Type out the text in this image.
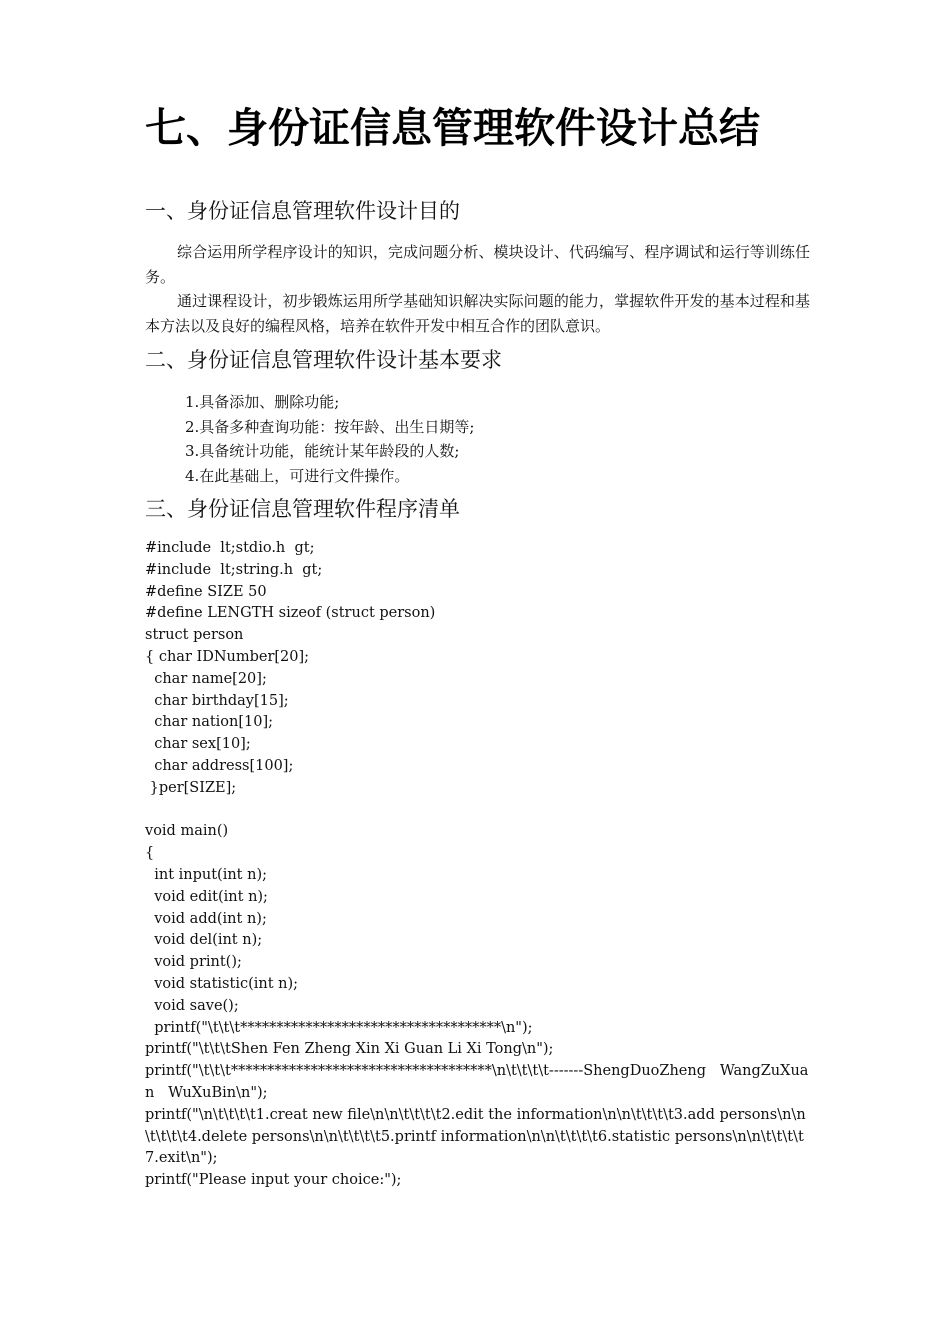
七、身份证信息管理软件设计总结
一、身份证信息管理软件设计目的

综合运用所学程序设计的知识，完成问题分析、模块设计、代码编写、程序调试和运行等训练任务。

通过课程设计，初步锻炼运用所学基础知识解决实际问题的能力，掌握软件开发的基本过程和基本方法以及良好的编程风格，培养在软件开发中相互合作的团队意识。

二、身份证信息管理软件设计基本要求
1.具备添加、删除功能;
2.具备多种查询功能：按年龄、出生日期等;
3.具备统计功能，能统计某年龄段的人数;
4.在此基础上，可进行文件操作。
三、身份证信息管理软件程序清单
#include  lt;stdio.h  gt;
#include  lt;string.h  gt;
#define SIZE 50
#define LENGTH sizeof (struct person)
struct person
{ char IDNumber[20];
char name[20];
char birthday[15];
char nation[10];
char sex[10];
char address[100];
}per[SIZE];
void main()
{
int input(int n);
void edit(int n);
void add(int n);
void del(int n);
void print();
void statistic(int n);
void save();
printf("\t\t\t************************************\n");
printf("\t\t\tShen Fen Zheng Xin Xi Guan Li Xi Tong\n");
printf("\t\t\t************************************\n\t\t\t\t-------ShengDuoZheng   WangZuXuan   WuXuBin\n");
printf("\n\t\t\t\t1.creat new file\n\n\t\t\t\t2.edit the information\n\n\t\t\t\t3.add persons\n\n\t\t\t\t4.delete persons\n\n\t\t\t\t5.printf information\n\n\t\t\t\t6.statistic persons\n\n\t\t\t\t7.exit\n");
printf("Please input your choice:");
